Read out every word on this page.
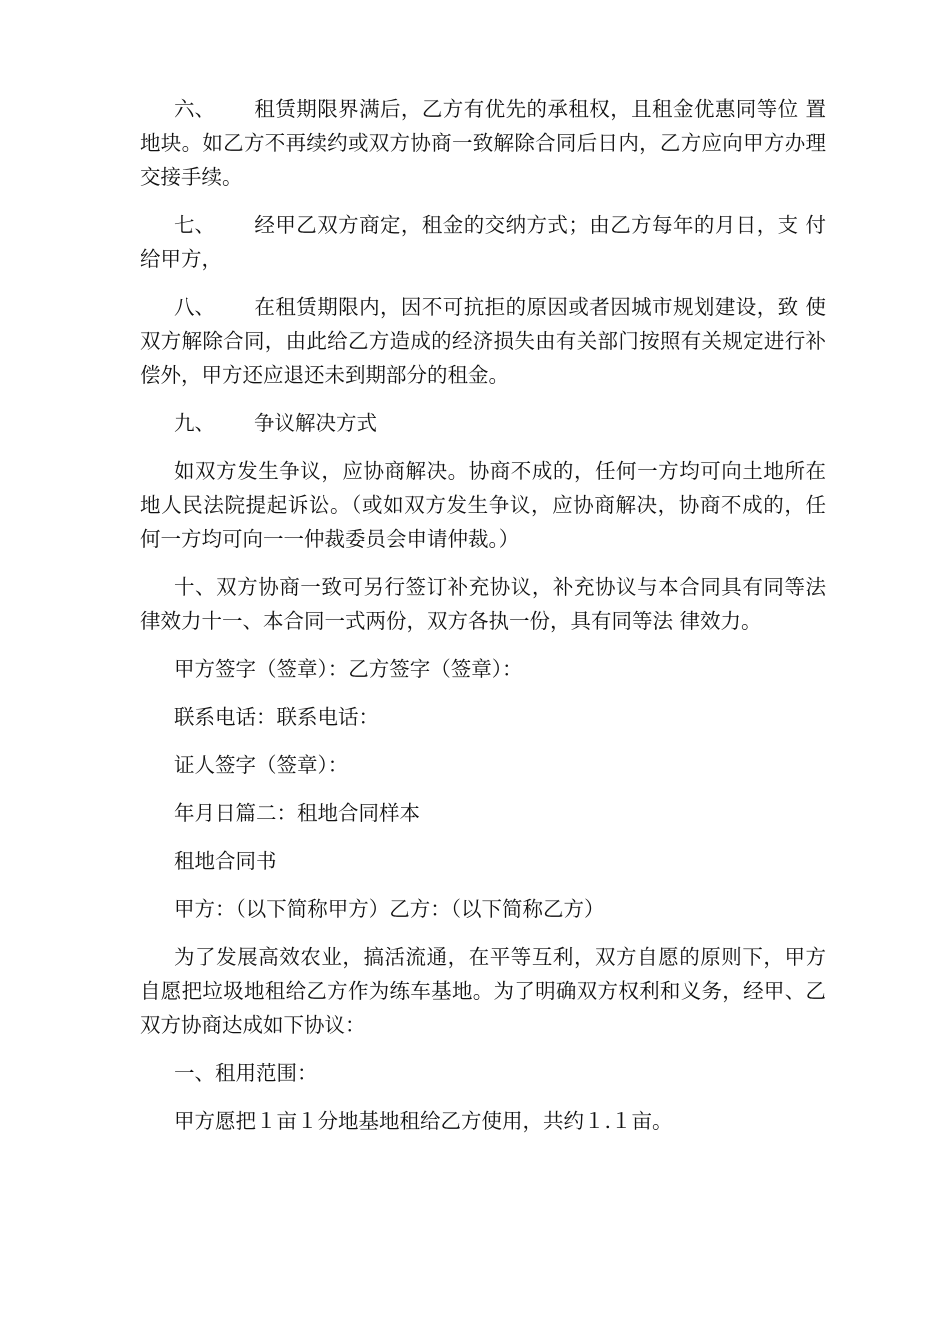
六、 租赁期限界满后，乙方有优先的承租权，且租金优惠同等位 置地块。如乙方不再续约或双方协商一致解除合同后日内，乙方应向甲方办理交接手续。

七、 经甲乙双方商定，租金的交纳方式；由乙方每年的月日，支 付给甲方，

八、 在租赁期限内，因不可抗拒的原因或者因城市规划建设，致 使双方解除合同，由此给乙方造成的经济损失由有关部门按照有关规定进行补偿外，甲方还应退还未到期部分的租金。

九、 争议解决方式

如双方发生争议，应协商解决。协商不成的，任何一方均可向土地所在地人民法院提起诉讼。（或如双方发生争议，应协商解决，协商不成的，任何一方均可向一一仲裁委员会申请仲裁。）

十、双方协商一致可另行签订补充协议，补充协议与本合同具有同等法律效力十一、本合同一式两份，双方各执一份，具有同等法 律效力。

甲方签字（签章）：乙方签字（签章）：

联系电话：联系电话：

证人签字（签章）：

年月日篇二：租地合同样本

租地合同书

甲方：（以下简称甲方）乙方：（以下简称乙方）

为了发展高效农业，搞活流通，在平等互利，双方自愿的原则下，甲方自愿把垃圾地租给乙方作为练车基地。为了明确双方权利和义务，经甲、乙双方协商达成如下协议：

一、租用范围：

甲方愿把１亩１分地基地租给乙方使用，共约１.１亩。
